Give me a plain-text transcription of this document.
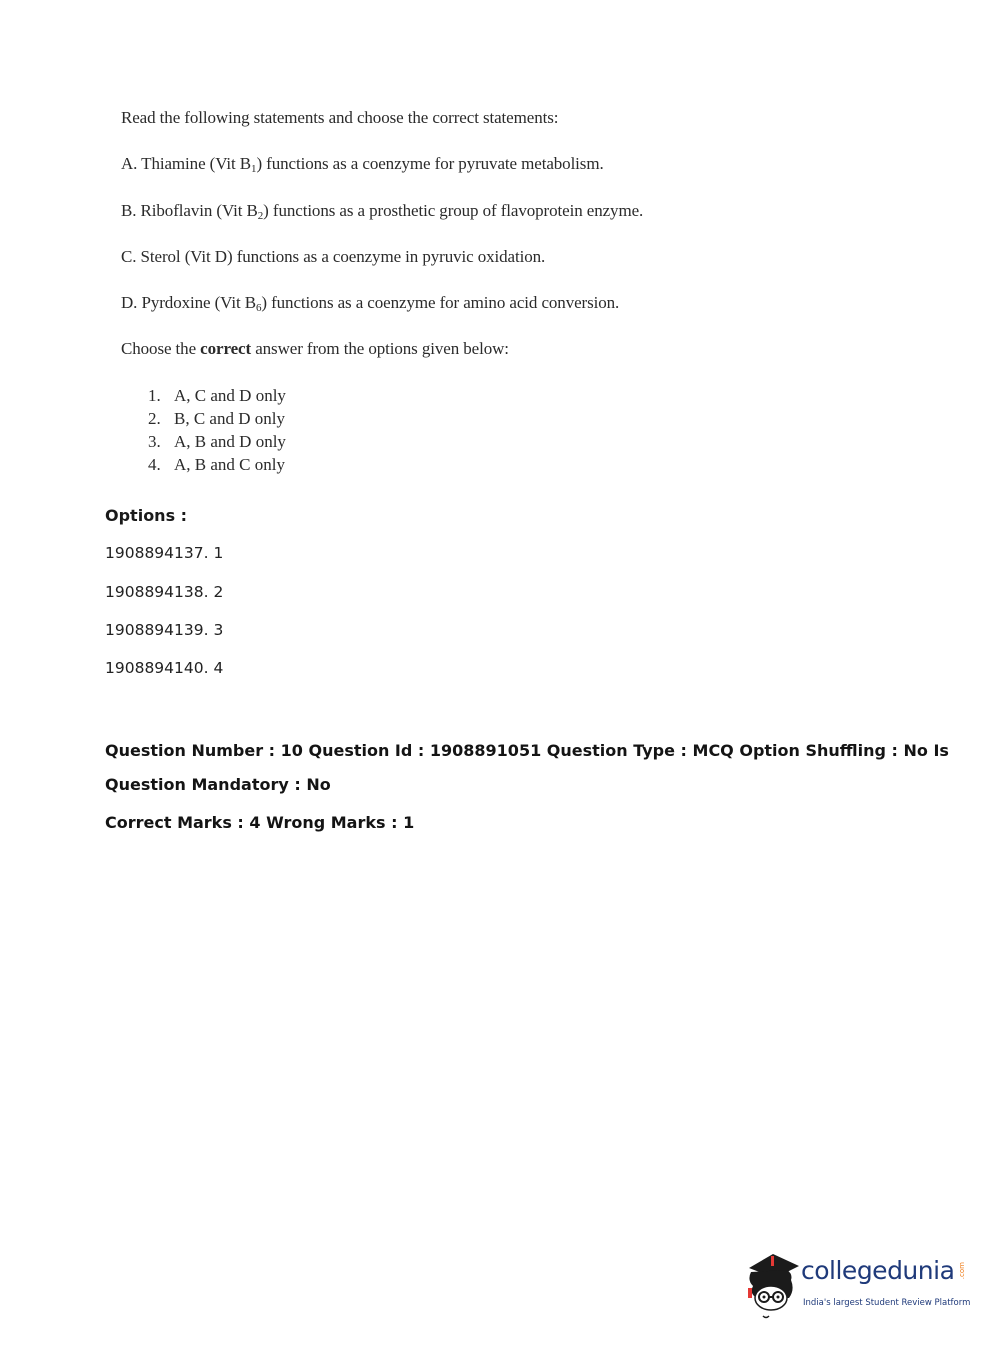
Read the following statements and choose the correct statements:
A. Thiamine (Vit $B_1$) functions as a coenzyme for pyruvate metabolism.
B. Riboflavin (Vit $B_2$) functions as a prosthetic group of flavoprotein enzyme.
C. Sterol (Vit D) functions as a coenzyme in pyruvic oxidation.
D. Pyrdoxine (Vit $B_6$) functions as a coenzyme for amino acid conversion.
Choose the correct answer from the options given below:
1. A, C and D only
2. B, C and D only
3. A, B and D only
4. A, B and C only
Options :
1908894137. 1
1908894138. 2
1908894139. 3
1908894140. 4
Question Number : 10 Question Id : 1908891051 Question Type : MCQ Option Shuffling : No Is
Question Mandatory : No
Correct Marks : 4 Wrong Marks : 1
collegedunia .com
India's largest Student Review Platform
